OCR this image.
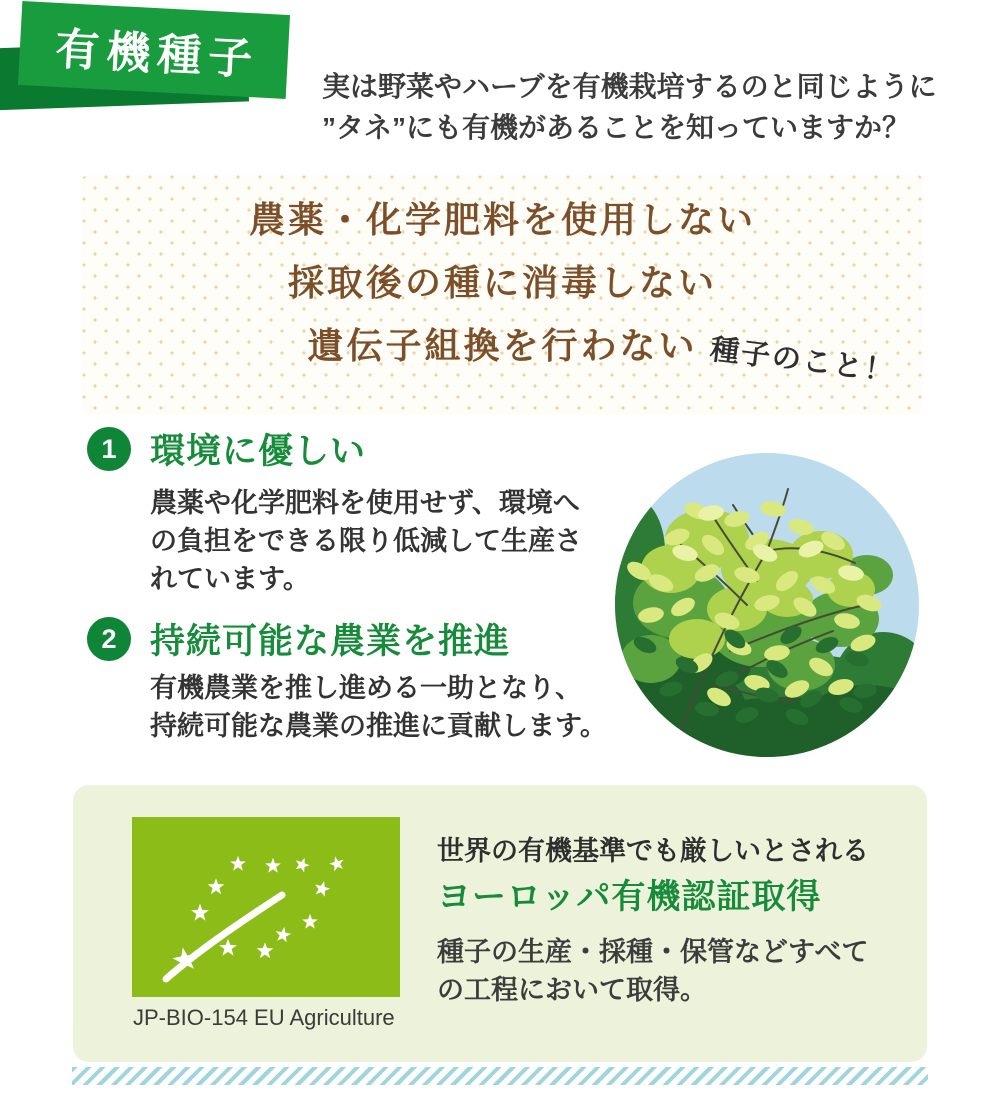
有機種子
実は野菜やハーブを有機栽培するのと同じように
”タネ”にも有機があることを知っていますか？
農薬・化学肥料を使用しない
採取後の種に消毒しない
遺伝子組換を行わない 種子のこと！
1 環境に優しい
農薬や化学肥料を使用せず、環境へ
の負担をできる限り低減して生産さ
れています。
2 持続可能な農業を推進
有機農業を推し進める一助となり、
持続可能な農業の推進に貢献します。
JP-BIO-154 EU Agriculture
世界の有機基準でも厳しいとされる
ヨーロッパ有機認証取得
種子の生産・採種・保管などすべて
の工程において取得。
